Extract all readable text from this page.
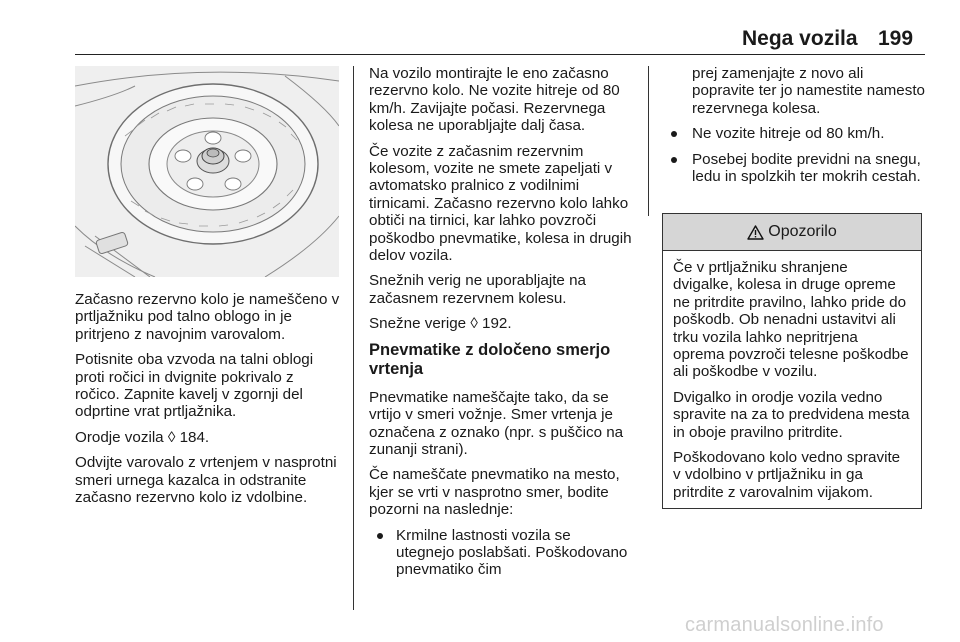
Nega vozila 199

Začasno rezervno kolo je nameščeno v prtljažniku pod talno oblogo in je pritrjeno z navojnim varovalom.

Potisnite oba vzvoda na talni oblogi proti ročici in dvignite pokrivalo z ročico. Zapnite kavelj v zgornji del odprtine vrat prtljažnika.

Orodje vozila ◊ 184.

Odvijte varovalo z vrtenjem v nasprotni smeri urnega kazalca in odstranite začasno rezervno kolo iz vdolbine.

Na vozilo montirajte le eno začasno rezervno kolo. Ne vozite hitreje od 80 km/h. Zavijajte počasi. Rezervnega kolesa ne uporabljajte dalj časa.

Če vozite z začasnim rezervnim kolesom, vozite ne smete zapeljati v avtomatsko pralnico z vodilnimi tirnicami. Začasno rezervno kolo lahko obtiči na tirnici, kar lahko povzroči poškodbo pnevmatike, kolesa in drugih delov vozila.

Snežnih verig ne uporabljajte na začasnem rezervnem kolesu.

Snežne verige ◊ 192.

Pnevmatike z določeno smerjo vrtenja

Pnevmatike nameščajte tako, da se vrtijo v smeri vožnje. Smer vrtenja je označena z oznako (npr. s puščico na zunanji strani).

Če nameščate pnevmatiko na mesto, kjer se vrti v nasprotno smer, bodite pozorni na naslednje:

Krmilne lastnosti vozila se utegnejo poslabšati. Poškodovano pnevmatiko čim

prej zamenjajte z novo ali popravite ter jo namestite namesto rezervnega kolesa.

Ne vozite hitreje od 80 km/h.
Posebej bodite previdni na snegu, ledu in spolzkih ter mokrih cestah.
Opozorilo

Če v prtljažniku shranjene dvigalke, kolesa in druge opreme ne pritrdite pravilno, lahko pride do poškodb. Ob nenadni ustavitvi ali trku vozila lahko nepritrjena oprema povzroči telesne poškodbe ali poškodbe v vozilu.

Dvigalko in orodje vozila vedno spravite na za to predvidena mesta in oboje pravilno pritrdite.

Poškodovano kolo vedno spravite v vdolbino v prtljažniku in ga pritrdite z varovalnim vijakom.

carmanualsonline.info
